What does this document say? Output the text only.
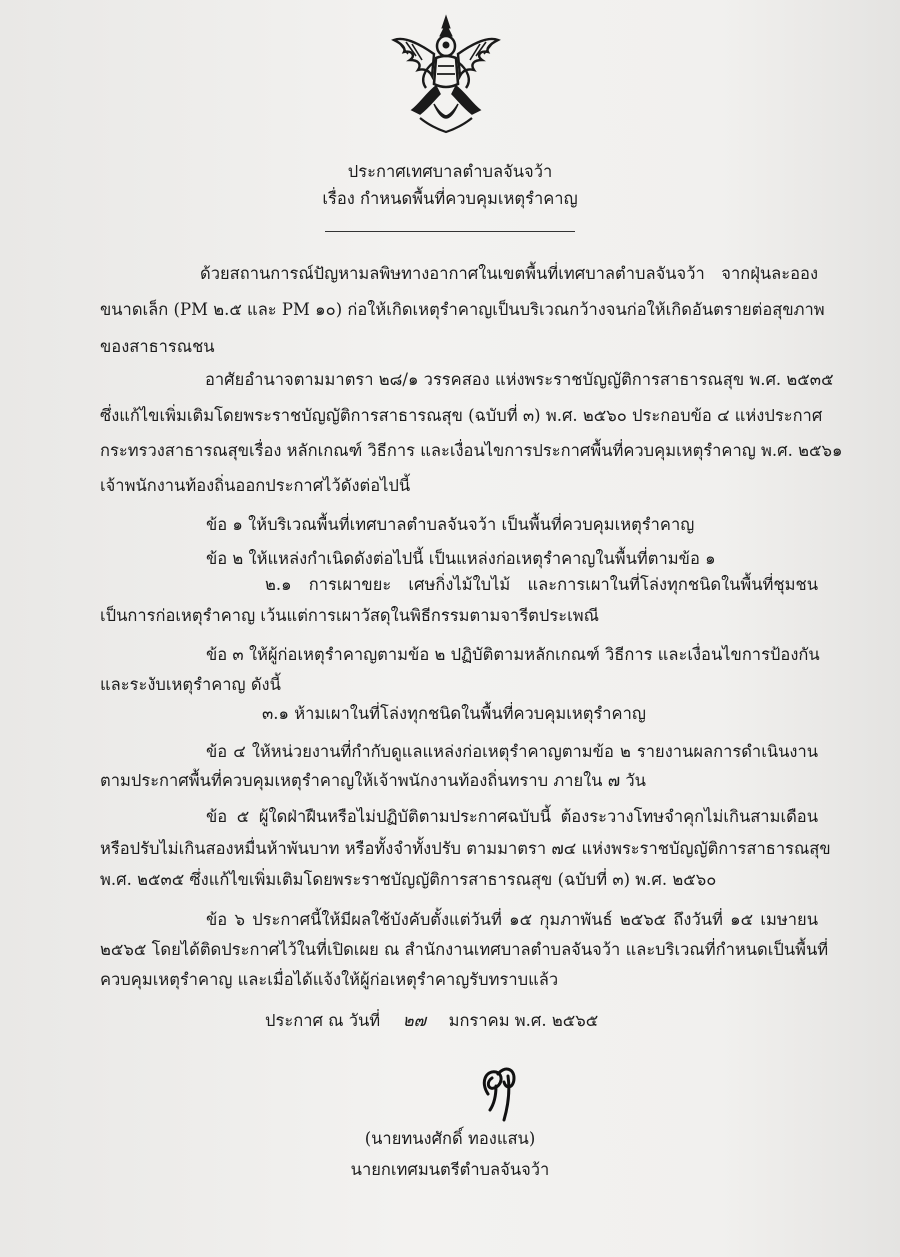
ประกาศเทศบาลตำบลจันจว้า
เรื่อง กำหนดพื้นที่ควบคุมเหตุรำคาญ
ด้วยสถานการณ์ปัญหามลพิษทางอากาศในเขตพื้นที่เทศบาลตำบลจันจว้า จากฝุ่นละออง
ขนาดเล็ก (PM ๒.๕ และ PM ๑๐) ก่อให้เกิดเหตุรำคาญเป็นบริเวณกว้างจนก่อให้เกิดอันตรายต่อสุขภาพ
ของสาธารณชน
อาศัยอำนาจตามมาตรา ๒๘/๑ วรรคสอง แห่งพระราชบัญญัติการสาธารณสุข พ.ศ. ๒๕๓๕
ซึ่งแก้ไขเพิ่มเติมโดยพระราชบัญญัติการสาธารณสุข (ฉบับที่ ๓) พ.ศ. ๒๕๖๐ ประกอบข้อ ๔ แห่งประกาศ
กระทรวงสาธารณสุขเรื่อง หลักเกณฑ์ วิธีการ และเงื่อนไขการประกาศพื้นที่ควบคุมเหตุรำคาญ พ.ศ. ๒๕๖๑
เจ้าพนักงานท้องถิ่นออกประกาศไว้ดังต่อไปนี้
ข้อ ๑ ให้บริเวณพื้นที่เทศบาลตำบลจันจว้า เป็นพื้นที่ควบคุมเหตุรำคาญ
ข้อ ๒ ให้แหล่งกำเนิดดังต่อไปนี้ เป็นแหล่งก่อเหตุรำคาญในพื้นที่ตามข้อ ๑
๒.๑ การเผาขยะ เศษกิ่งไม้ใบไม้ และการเผาในที่โล่งทุกชนิดในพื้นที่ชุมชน
เป็นการก่อเหตุรำคาญ เว้นแต่การเผาวัสดุในพิธีกรรมตามจารีตประเพณี
ข้อ ๓ ให้ผู้ก่อเหตุรำคาญตามข้อ ๒ ปฏิบัติตามหลักเกณฑ์ วิธีการ และเงื่อนไขการป้องกัน
และระงับเหตุรำคาญ ดังนี้
๓.๑ ห้ามเผาในที่โล่งทุกชนิดในพื้นที่ควบคุมเหตุรำคาญ
ข้อ ๔ ให้หน่วยงานที่กำกับดูแลแหล่งก่อเหตุรำคาญตามข้อ ๒ รายงานผลการดำเนินงาน
ตามประกาศพื้นที่ควบคุมเหตุรำคาญให้เจ้าพนักงานท้องถิ่นทราบ ภายใน ๗ วัน
ข้อ ๕ ผู้ใดฝ่าฝืนหรือไม่ปฏิบัติตามประกาศฉบับนี้ ต้องระวางโทษจำคุกไม่เกินสามเดือน
หรือปรับไม่เกินสองหมื่นห้าพันบาท หรือทั้งจำทั้งปรับ ตามมาตรา ๗๔ แห่งพระราชบัญญัติการสาธารณสุข
พ.ศ. ๒๕๓๕ ซึ่งแก้ไขเพิ่มเติมโดยพระราชบัญญัติการสาธารณสุข (ฉบับที่ ๓) พ.ศ. ๒๕๖๐
ข้อ ๖ ประกาศนี้ให้มีผลใช้บังคับตั้งแต่วันที่ ๑๕ กุมภาพันธ์ ๒๕๖๕ ถึงวันที่ ๑๕ เมษายน
๒๕๖๕ โดยได้ติดประกาศไว้ในที่เปิดเผย ณ สำนักงานเทศบาลตำบลจันจว้า และบริเวณที่กำหนดเป็นพื้นที่
ควบคุมเหตุรำคาญ และเมื่อได้แจ้งให้ผู้ก่อเหตุรำคาญรับทราบแล้ว
ประกาศ ณ วันที่ ๒๗ มกราคม พ.ศ. ๒๕๖๕
(นายทนงศักดิ์ ทองแสน)
นายกเทศมนตรีตำบลจันจว้า
